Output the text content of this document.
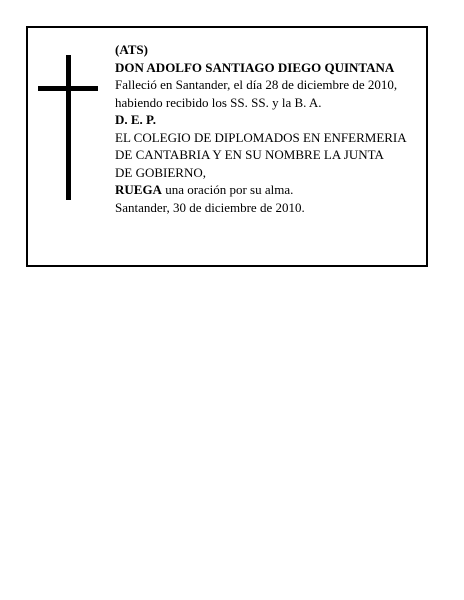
(ATS)
DON ADOLFO SANTIAGO DIEGO QUINTANA
Falleció en Santander, el día 28 de diciembre de 2010,
habiendo recibido los SS. SS. y la B. A.
D. E. P.
EL COLEGIO DE DIPLOMADOS EN ENFERMERIA
DE CANTABRIA Y EN SU NOMBRE LA JUNTA
DE GOBIERNO,
RUEGA una oración por su alma.
Santander, 30 de diciembre de 2010.
